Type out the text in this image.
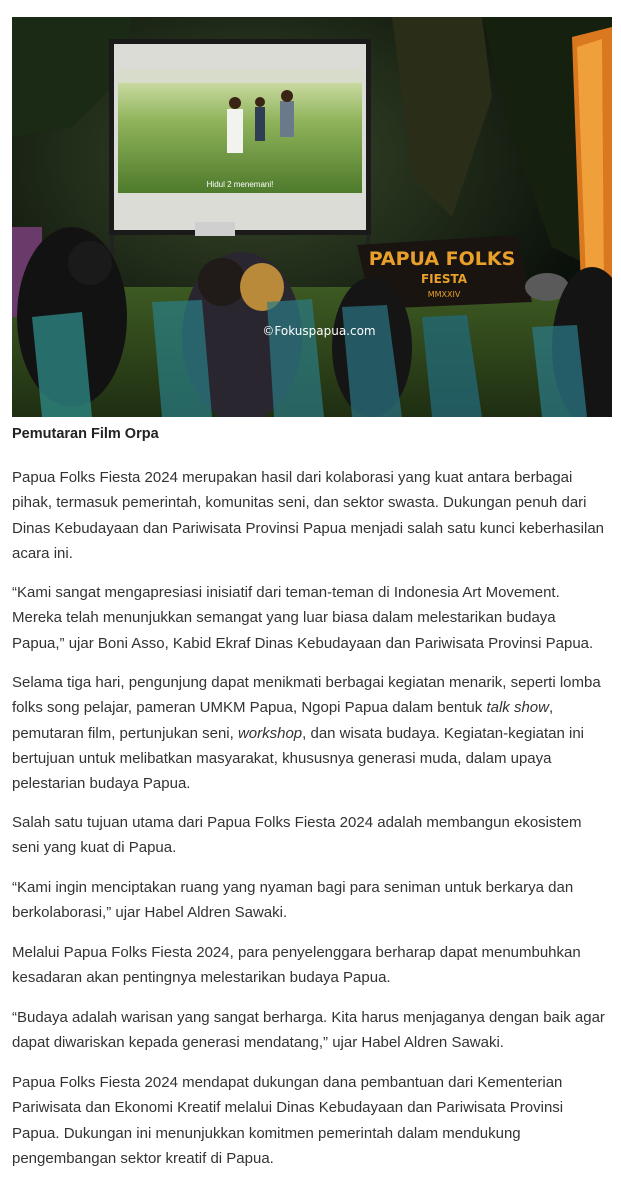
Hidul 2 menemani!
PAPUA FOLKS
FIESTA
MMXXIV
©Fokuspapua.com

Pemutaran Film Orpa

Papua Folks Fiesta 2024 merupakan hasil dari kolaborasi yang kuat antara berbagai pihak, termasuk pemerintah, komunitas seni, dan sektor swasta. Dukungan penuh dari Dinas Kebudayaan dan Pariwisata Provinsi Papua menjadi salah satu kunci keberhasilan acara ini.

“Kami sangat mengapresiasi inisiatif dari teman-teman di Indonesia Art Movement. Mereka telah menunjukkan semangat yang luar biasa dalam melestarikan budaya Papua,” ujar Boni Asso, Kabid Ekraf Dinas Kebudayaan dan Pariwisata Provinsi Papua.

Selama tiga hari, pengunjung dapat menikmati berbagai kegiatan menarik, seperti lomba folks song pelajar, pameran UMKM Papua, Ngopi Papua dalam bentuk talk show, pemutaran film, pertunjukan seni, workshop, dan wisata budaya. Kegiatan-kegiatan ini bertujuan untuk melibatkan masyarakat, khususnya generasi muda, dalam upaya pelestarian budaya Papua.

Salah satu tujuan utama dari Papua Folks Fiesta 2024 adalah membangun ekosistem seni yang kuat di Papua.

“Kami ingin menciptakan ruang yang nyaman bagi para seniman untuk berkarya dan berkolaborasi,” ujar Habel Aldren Sawaki.

Melalui Papua Folks Fiesta 2024, para penyelenggara berharap dapat menumbuhkan kesadaran akan pentingnya melestarikan budaya Papua.

“Budaya adalah warisan yang sangat berharga. Kita harus menjaganya dengan baik agar dapat diwariskan kepada generasi mendatang,” ujar Habel Aldren Sawaki.

Papua Folks Fiesta 2024 mendapat dukungan dana pembantuan dari Kementerian Pariwisata dan Ekonomi Kreatif melalui Dinas Kebudayaan dan Pariwisata Provinsi Papua. Dukungan ini menunjukkan komitmen pemerintah dalam mendukung pengembangan sektor kreatif di Papua.
